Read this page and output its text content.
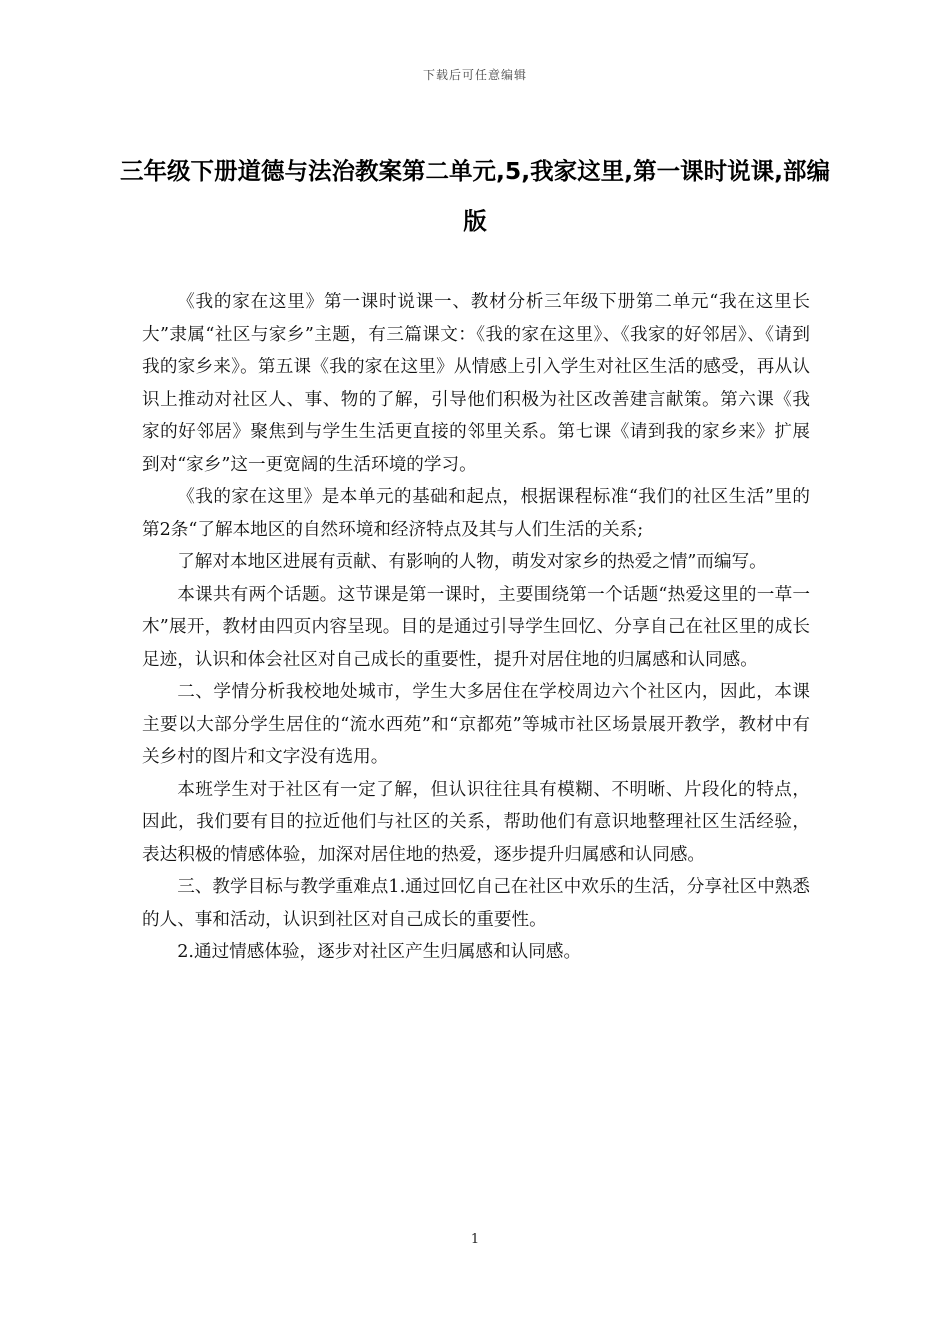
下载后可任意编辑
三年级下册道德与法治教案第二单元,5,我家这里,第一课时说课,部编版

《我的家在这里》第一课时说课一、教材分析三年级下册第二单元“我在这里长大”隶属“社区与家乡”主题，有三篇课文：《我的家在这里》、《我家的好邻居》、《请到我的家乡来》。第五课《我的家在这里》从情感上引入学生对社区生活的感受，再从认识上推动对社区人、事、物的了解，引导他们积极为社区改善建言献策。第六课《我家的好邻居》聚焦到与学生生活更直接的邻里关系。第七课《请到我的家乡来》扩展到对“家乡”这一更宽阔的生活环境的学习。

《我的家在这里》是本单元的基础和起点，根据课程标准“我们的社区生活”里的第2条“了解本地区的自然环境和经济特点及其与人们生活的关系;

了解对本地区进展有贡献、有影响的人物，萌发对家乡的热爱之情”而编写。

本课共有两个话题。这节课是第一课时，主要围绕第一个话题“热爱这里的一草一木”展开，教材由四页内容呈现。目的是通过引导学生回忆、分享自己在社区里的成长足迹，认识和体会社区对自己成长的重要性，提升对居住地的归属感和认同感。

二、学情分析我校地处城市，学生大多居住在学校周边六个社区内，因此，本课主要以大部分学生居住的“流水西苑”和“京都苑”等城市社区场景展开教学，教材中有关乡村的图片和文字没有选用。

本班学生对于社区有一定了解，但认识往往具有模糊、不明晰、片段化的特点，因此，我们要有目的拉近他们与社区的关系，帮助他们有意识地整理社区生活经验，表达积极的情感体验，加深对居住地的热爱，逐步提升归属感和认同感。

三、教学目标与教学重难点1.通过回忆自己在社区中欢乐的生活，分享社区中熟悉的人、事和活动，认识到社区对自己成长的重要性。

2.通过情感体验，逐步对社区产生归属感和认同感。

1
